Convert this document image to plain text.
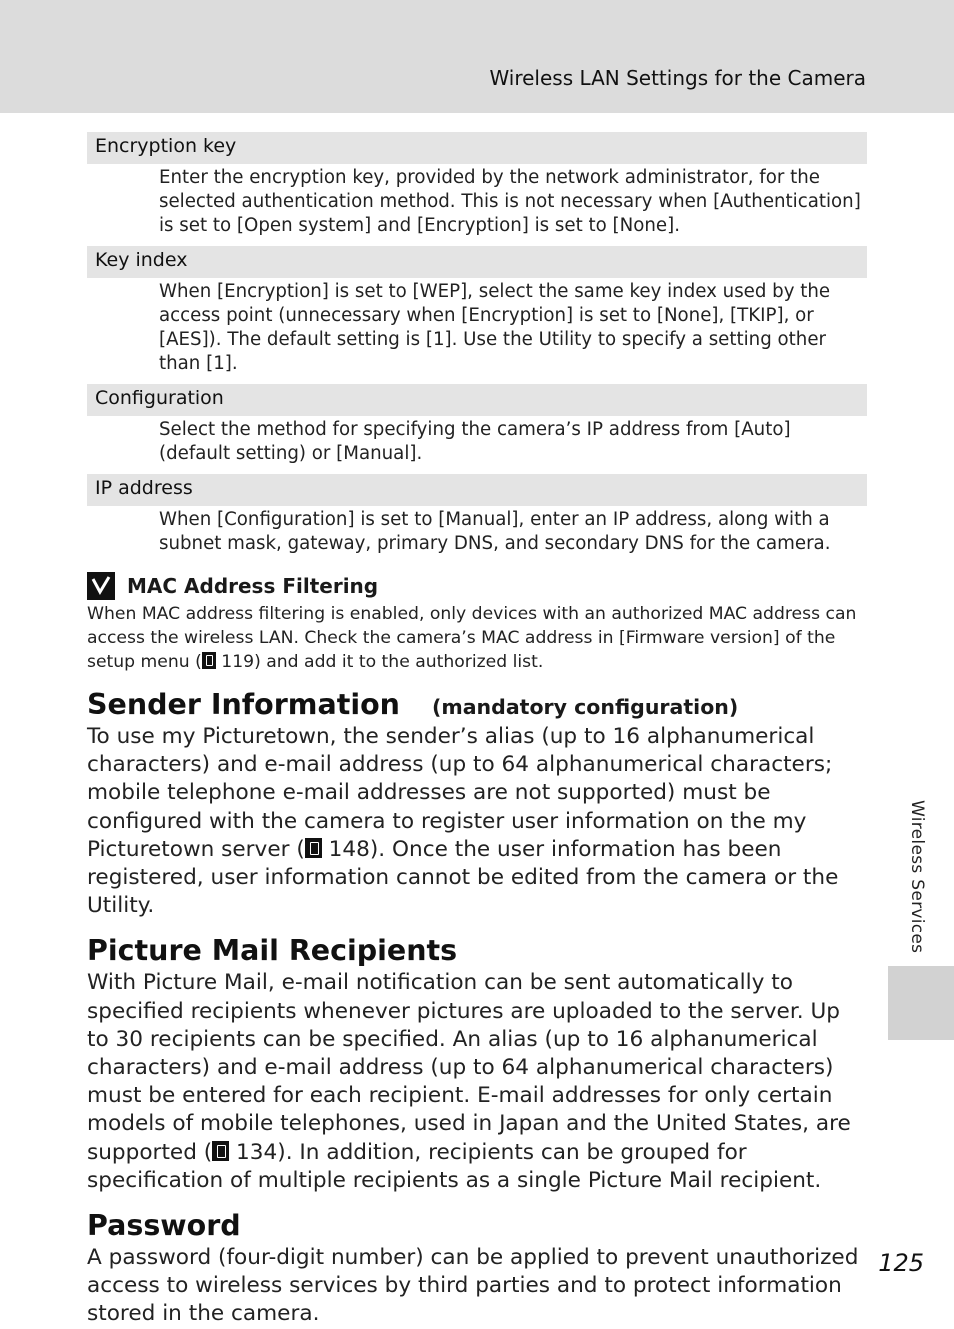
Wireless LAN Settings for the Camera
Encryption key
Enter the encryption key, provided by the network administrator, for the selected authentication method. This is not necessary when [Authentication] is set to [Open system] and [Encryption] is set to [None].
Key index
When [Encryption] is set to [WEP], select the same key index used by the access point (unnecessary when [Encryption] is set to [None], [TKIP], or [AES]). The default setting is [1]. Use the Utility to specify a setting other than [1].
Configuration
Select the method for specifying the camera’s IP address from [Auto] (default setting) or [Manual].
IP address
When [Configuration] is set to [Manual], enter an IP address, along with a subnet mask, gateway, primary DNS, and secondary DNS for the camera.
MAC Address Filtering
When MAC address filtering is enabled, only devices with an authorized MAC address can access the wireless LAN. Check the camera’s MAC address in [Firmware version] of the setup menu ( 119) and add it to the authorized list.
Sender Information (mandatory configuration)
To use my Picturetown, the sender’s alias (up to 16 alphanumerical characters) and e-mail address (up to 64 alphanumerical characters; mobile telephone e-mail addresses are not supported) must be configured with the camera to register user information on the my Picturetown server ( 148). Once the user information has been registered, user information cannot be edited from the camera or the Utility.
Picture Mail Recipients
With Picture Mail, e-mail notification can be sent automatically to specified recipients whenever pictures are uploaded to the server. Up to 30 recipients can be specified. An alias (up to 16 alphanumerical characters) and e-mail address (up to 64 alphanumerical characters) must be entered for each recipient. E-mail addresses for only certain models of mobile telephones, used in Japan and the United States, are supported ( 134). In addition, recipients can be grouped for specification of multiple recipients as a single Picture Mail recipient.
Password
A password (four-digit number) can be applied to prevent unauthorized access to wireless services by third parties and to protect information stored in the camera.
Wireless Services
125
